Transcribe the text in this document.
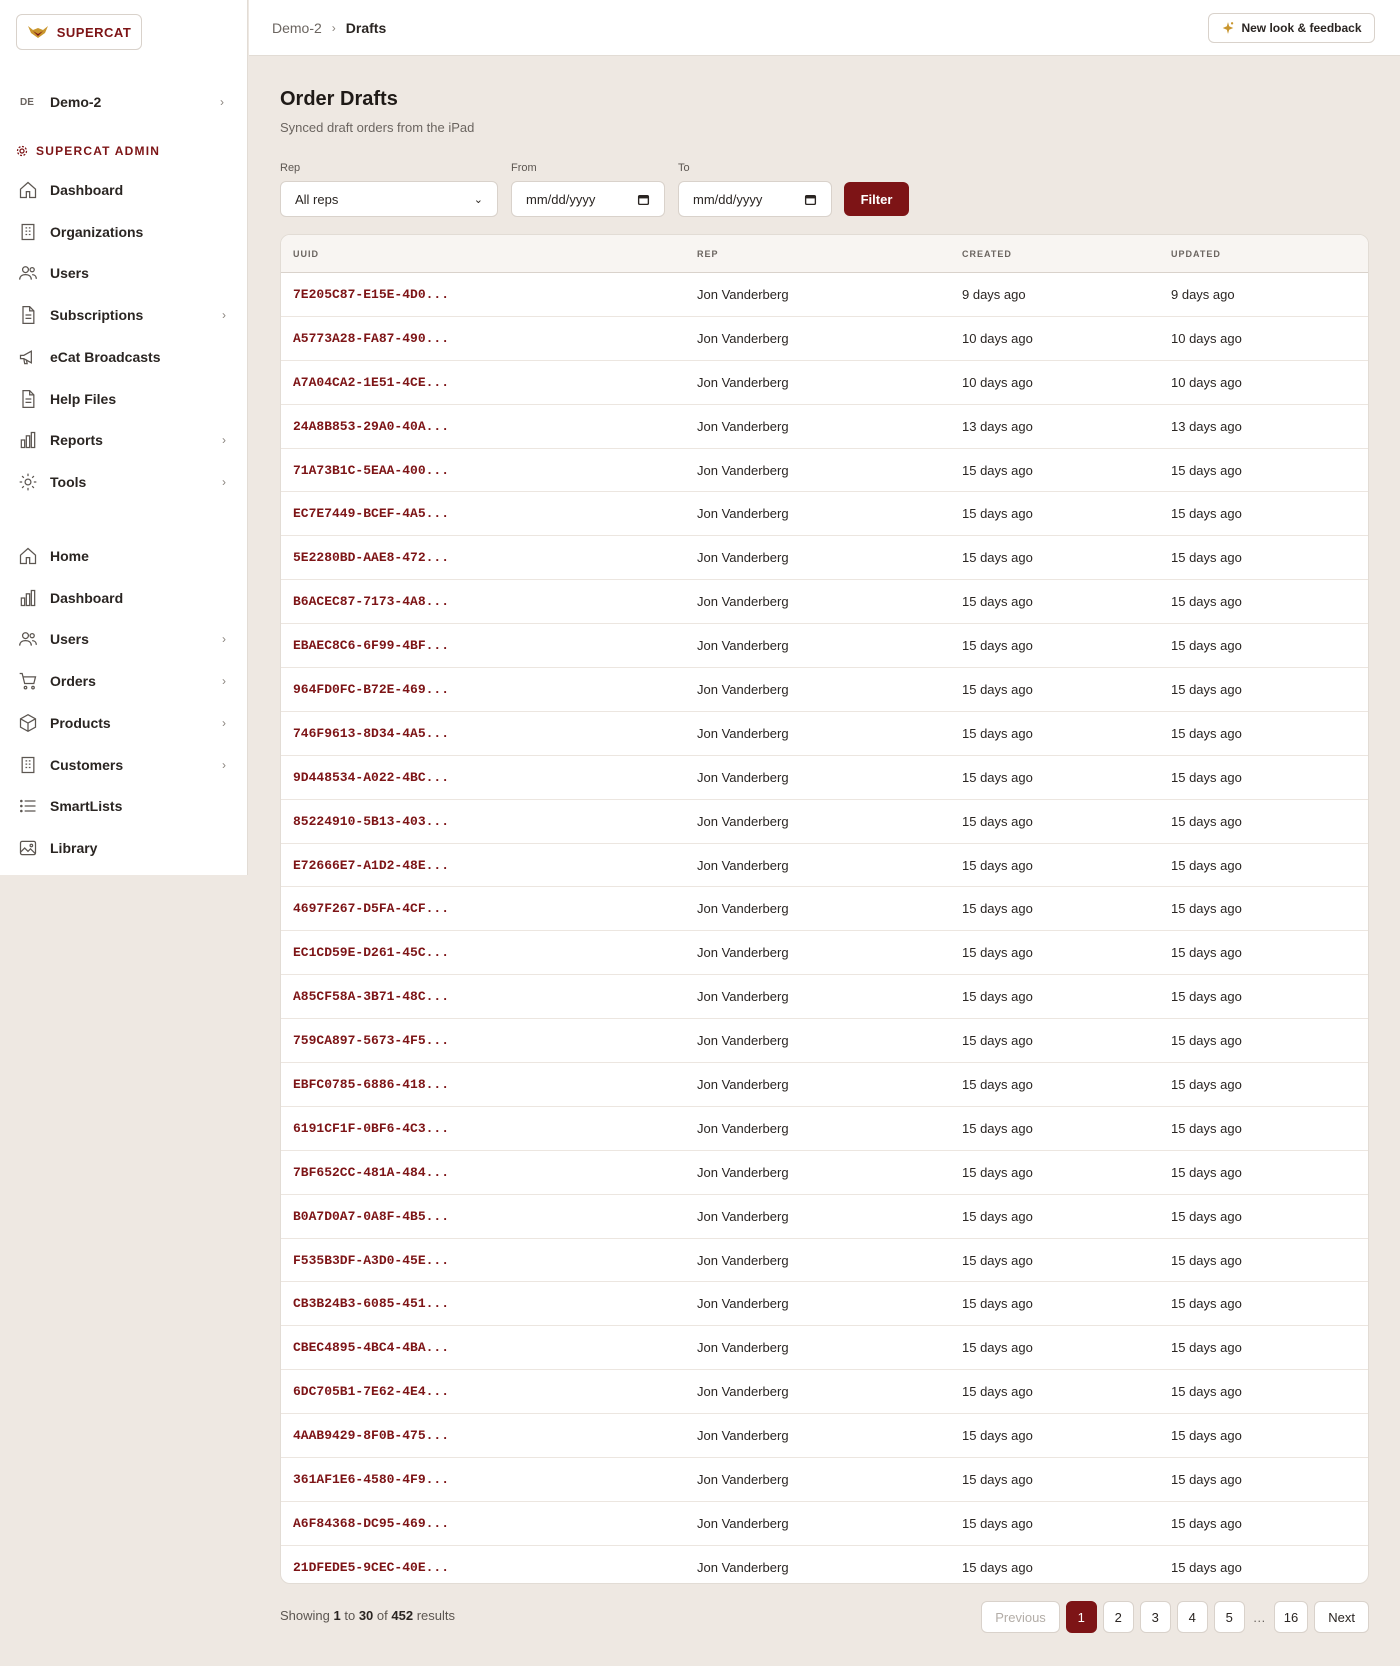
SUPERCAT
DE	Demo-2	›
SUPERCAT ADMIN
Dashboard
Organizations
Users
Subscriptions	›
eCat Broadcasts
Help Files
Reports	›
Tools	›
Home
Dashboard
Users	›
Orders	›
Products	›
Customers	›
SmartLists
Library
Demo-2 › Drafts	New look & feedback
Order Drafts

Synced draft orders from the iPad

Rep
All reps	⌄
From
mm/dd/yyyy
To
mm/dd/yyyy	Filter
UUID	REP	CREATED	UPDATED
7E205C87-E15E-4D0...	Jon Vanderberg	9 days ago	9 days ago
A5773A28-FA87-490...	Jon Vanderberg	10 days ago	10 days ago
A7A04CA2-1E51-4CE...	Jon Vanderberg	10 days ago	10 days ago
24A8B853-29A0-40A...	Jon Vanderberg	13 days ago	13 days ago
71A73B1C-5EAA-400...	Jon Vanderberg	15 days ago	15 days ago
EC7E7449-BCEF-4A5...	Jon Vanderberg	15 days ago	15 days ago
5E2280BD-AAE8-472...	Jon Vanderberg	15 days ago	15 days ago
B6ACEC87-7173-4A8...	Jon Vanderberg	15 days ago	15 days ago
EBAEC8C6-6F99-4BF...	Jon Vanderberg	15 days ago	15 days ago
964FD0FC-B72E-469...	Jon Vanderberg	15 days ago	15 days ago
746F9613-8D34-4A5...	Jon Vanderberg	15 days ago	15 days ago
9D448534-A022-4BC...	Jon Vanderberg	15 days ago	15 days ago
85224910-5B13-403...	Jon Vanderberg	15 days ago	15 days ago
E72666E7-A1D2-48E...	Jon Vanderberg	15 days ago	15 days ago
4697F267-D5FA-4CF...	Jon Vanderberg	15 days ago	15 days ago
EC1CD59E-D261-45C...	Jon Vanderberg	15 days ago	15 days ago
A85CF58A-3B71-48C...	Jon Vanderberg	15 days ago	15 days ago
759CA897-5673-4F5...	Jon Vanderberg	15 days ago	15 days ago
EBFC0785-6886-418...	Jon Vanderberg	15 days ago	15 days ago
6191CF1F-0BF6-4C3...	Jon Vanderberg	15 days ago	15 days ago
7BF652CC-481A-484...	Jon Vanderberg	15 days ago	15 days ago
B0A7D0A7-0A8F-4B5...	Jon Vanderberg	15 days ago	15 days ago
F535B3DF-A3D0-45E...	Jon Vanderberg	15 days ago	15 days ago
CB3B24B3-6085-451...	Jon Vanderberg	15 days ago	15 days ago
CBEC4895-4BC4-4BA...	Jon Vanderberg	15 days ago	15 days ago
6DC705B1-7E62-4E4...	Jon Vanderberg	15 days ago	15 days ago
4AAB9429-8F0B-475...	Jon Vanderberg	15 days ago	15 days ago
361AF1E6-4580-4F9...	Jon Vanderberg	15 days ago	15 days ago
A6F84368-DC95-469...	Jon Vanderberg	15 days ago	15 days ago
21DFEDE5-9CEC-40E...	Jon Vanderberg	15 days ago	15 days ago
Showing 1 to 30 of 452 results	Previous	1	2	3	4	5	…	16	Next
